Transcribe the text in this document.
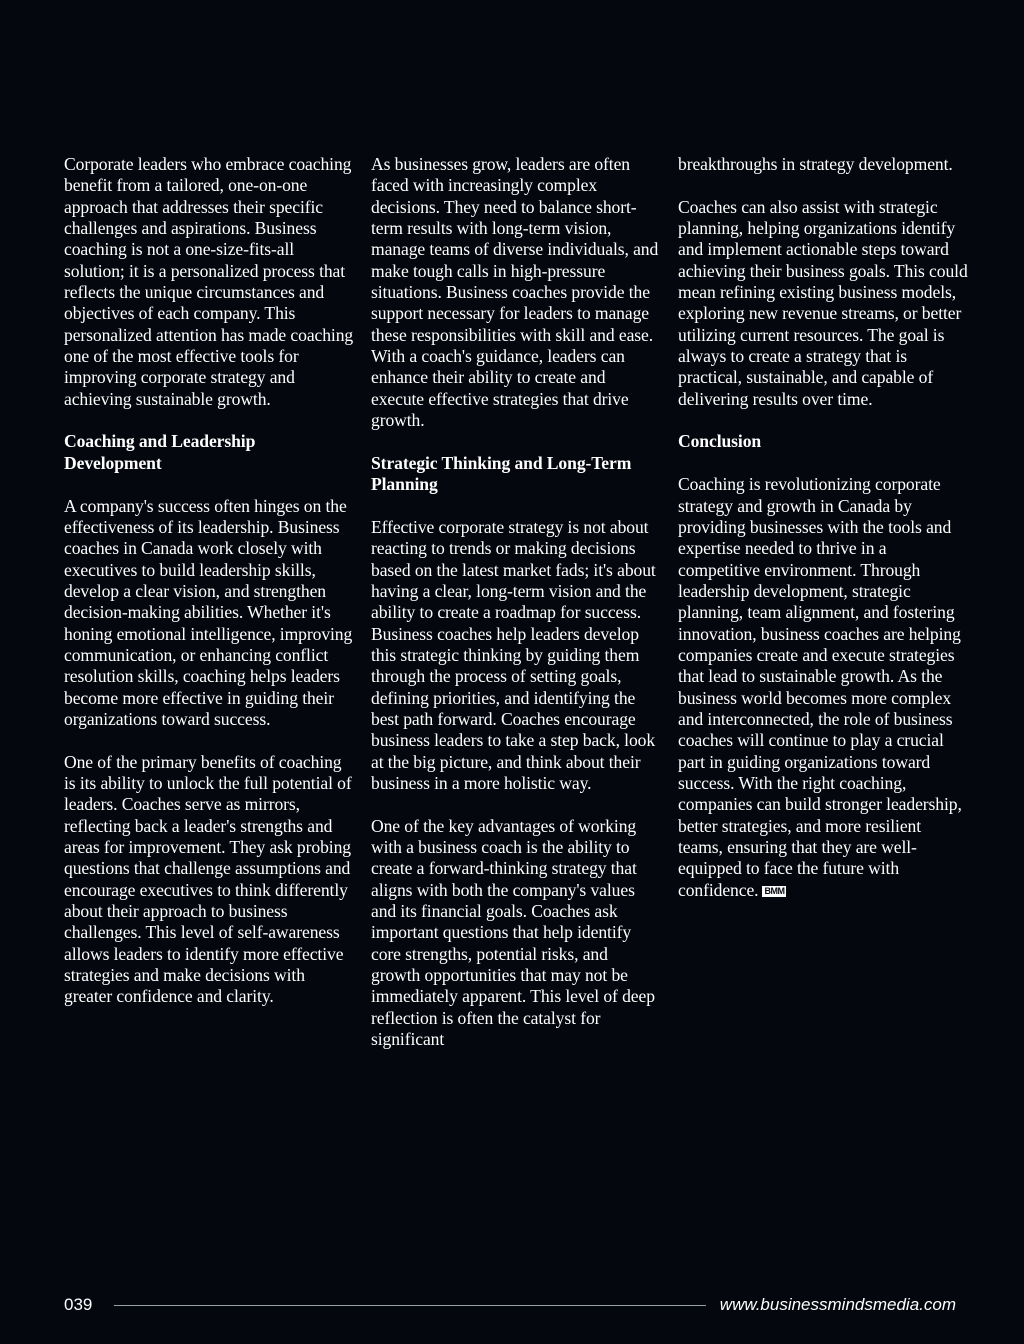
Corporate leaders who embrace coaching benefit from a tailored, one-on-one approach that addresses their specific challenges and aspirations. Business coaching is not a one-size-fits-all solution; it is a personalized process that reflects the unique circumstances and objectives of each company. This personalized attention has made coaching one of the most effective tools for improving corporate strategy and achieving sustainable growth.

Coaching and Leadership Development

A company's success often hinges on the effectiveness of its leadership. Business coaches in Canada work closely with executives to build leadership skills, develop a clear vision, and strengthen decision-making abilities. Whether it's honing emotional intelligence, improving communication, or enhancing conflict resolution skills, coaching helps leaders become more effective in guiding their organizations toward success.

One of the primary benefits of coaching is its ability to unlock the full potential of leaders. Coaches serve as mirrors, reflecting back a leader's strengths and areas for improvement. They ask probing questions that challenge assumptions and encourage executives to think differently about their approach to business challenges. This level of self-awareness allows leaders to identify more effective strategies and make decisions with greater confidence and clarity.

As businesses grow, leaders are often faced with increasingly complex decisions. They need to balance short-term results with long-term vision, manage teams of diverse individuals, and make tough calls in high-pressure situations. Business coaches provide the support necessary for leaders to manage these responsibilities with skill and ease. With a coach's guidance, leaders can enhance their ability to create and execute effective strategies that drive growth.

Strategic Thinking and Long-Term Planning

Effective corporate strategy is not about reacting to trends or making decisions based on the latest market fads; it's about having a clear, long-term vision and the ability to create a roadmap for success. Business coaches help leaders develop this strategic thinking by guiding them through the process of setting goals, defining priorities, and identifying the best path forward. Coaches encourage business leaders to take a step back, look at the big picture, and think about their business in a more holistic way.

One of the key advantages of working with a business coach is the ability to create a forward-thinking strategy that aligns with both the company's values and its financial goals. Coaches ask important questions that help identify core strengths, potential risks, and growth opportunities that may not be immediately apparent. This level of deep reflection is often the catalyst for significant

breakthroughs in strategy development.

Coaches can also assist with strategic planning, helping organizations identify and implement actionable steps toward achieving their business goals. This could mean refining existing business models, exploring new revenue streams, or better utilizing current resources. The goal is always to create a strategy that is practical, sustainable, and capable of delivering results over time.

Conclusion

Coaching is revolutionizing corporate strategy and growth in Canada by providing businesses with the tools and expertise needed to thrive in a competitive environment. Through leadership development, strategic planning, team alignment, and fostering innovation, business coaches are helping companies create and execute strategies that lead to sustainable growth. As the business world becomes more complex and interconnected, the role of business coaches will continue to play a crucial part in guiding organizations toward success. With the right coaching, companies can build stronger leadership, better strategies, and more resilient teams, ensuring that they are well-equipped to face the future with confidence. BMM

039	www.businessmindsmedia.com
